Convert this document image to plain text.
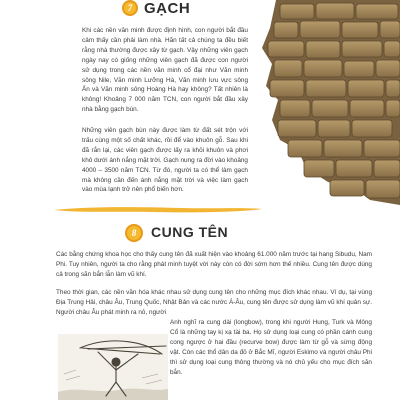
7 GẠCH

Khi các nền văn minh được định hình, con người bắt đầu cảm thấy cần phải làm nhà. Hãn tất cả chúng ta đều biết rằng nhà thường được xây từ gạch. Vậy những viên gạch ngày nay có giống những viên gạch đã được con người sử dụng trong các nền văn minh cổ đại như Văn minh sông Nile, Văn minh Lưỡng Hà, Văn minh lưu vực sông Ấn và Văn minh sông Hoàng Hà hay không? Tất nhiên là không! Khoảng 7 000 năm TCN, con người bắt đầu xây nhà bằng gạch bùn.

Những viên gạch bùn này được làm từ đất sét trộn với trấu cùng một số chất khác, rồi để vào khuôn gỗ. Sau khi đã rắn lại, các viên gạch được lấy ra khỏi khuôn và phơi khô dưới ánh nắng mặt trời. Gạch nung ra đời vào khoảng 4000 – 3500 năm TCN. Từ đó, người ta có thể làm gạch mà không cần đến ánh nắng mặt trời và việc làm gạch vào mùa lạnh trở nên phổ biến hơn.

8 CUNG TÊN

Các bằng chứng khoa học cho thấy cung tên đã xuất hiện vào khoảng 61.000 năm trước tại hang Sibudu, Nam Phi. Tuy nhiên, người ta cho rằng phát minh tuyệt vời này còn có đời sớm hơn thế nhiều. Cung tên được dùng cả trong săn bắn lẫn làm vũ khí.

Theo thời gian, các nền văn hóa khác nhau sử dụng cung tên cho những mục đích khác nhau. Ví dụ, tại vùng Địa Trung Hải, châu Âu, Trung Quốc, Nhật Bản và các nước Á-Âu, cung tên được sử dụng làm vũ khí quân sự. Người châu Âu phát minh ra nỏ, người

Anh nghĩ ra cung dài (longbow), trong khi người Hung, Turk và Mông Cổ là những tay kị xạ tài ba. Họ sử dụng loại cung có phần cánh cung cong ngược ở hai đầu (recurve bow) được làm từ gỗ và sừng động vật. Còn các thổ dân da đỏ ở Bắc Mĩ, người Eskimo và người châu Phi thì sử dụng loại cung thông thường và nó chủ yếu cho mục đích săn bắn.
